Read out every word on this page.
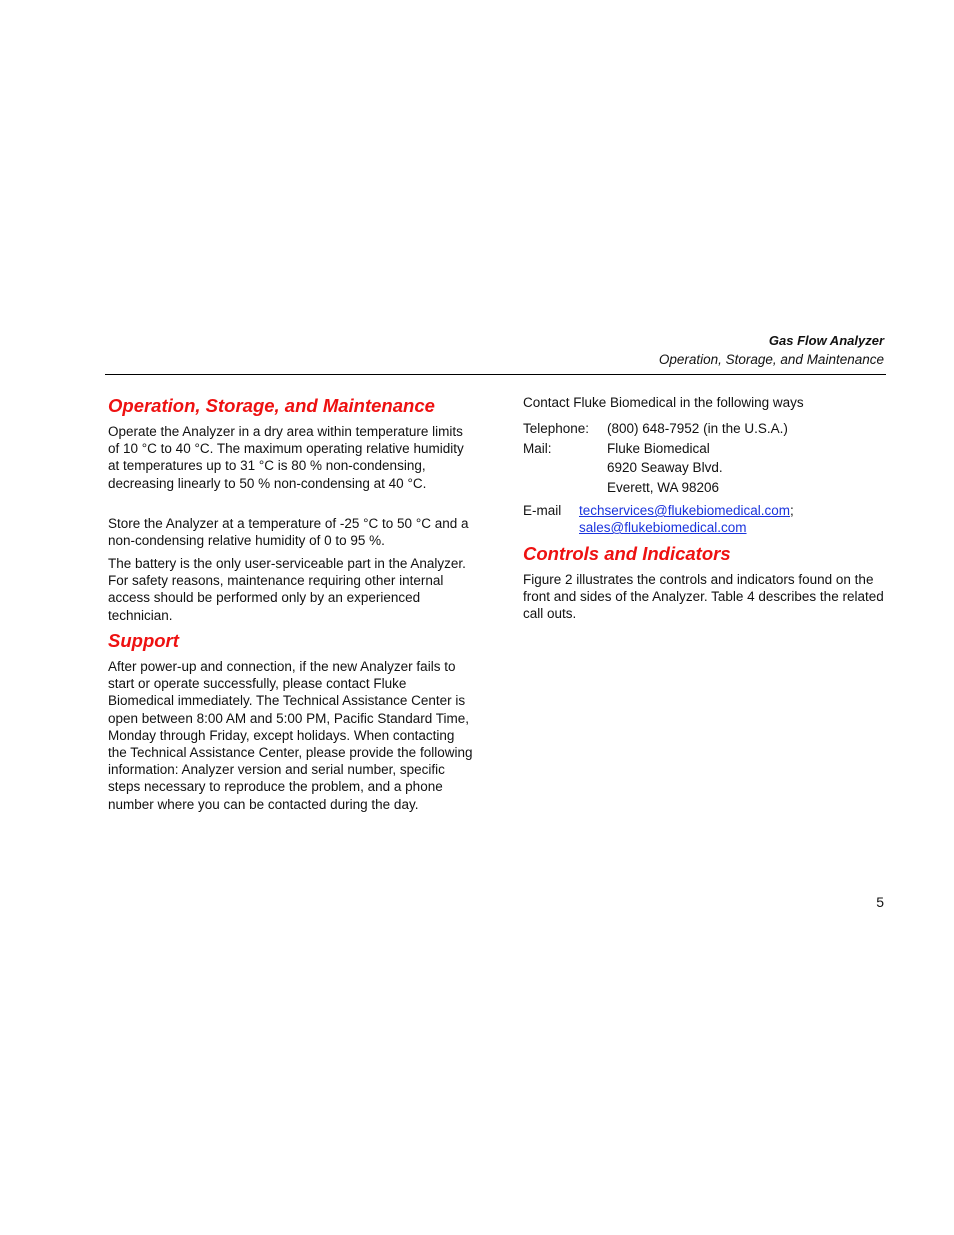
Gas Flow Analyzer
Operation, Storage, and Maintenance
Operation, Storage, and Maintenance

Operate the Analyzer in a dry area within temperature limits of 10 °C to 40 °C. The maximum operating relative humidity at temperatures up to 31 °C is 80 % non-condensing, decreasing linearly to 50 % non-condensing at 40 °C.

Store the Analyzer at a temperature of -25 °C to 50 °C and a non-condensing relative humidity of 0 to 95 %.

The battery is the only user-serviceable part in the Analyzer. For safety reasons, maintenance requiring other internal access should be performed only by an experienced technician.

Support

After power-up and connection, if the new Analyzer fails to start or operate successfully, please contact Fluke Biomedical immediately. The Technical Assistance Center is open between 8:00 AM and 5:00 PM, Pacific Standard Time, Monday through Friday, except holidays. When contacting the Technical Assistance Center, please provide the following information: Analyzer version and serial number, specific steps necessary to reproduce the problem, and a phone number where you can be contacted during the day.

Contact Fluke Biomedical in the following ways

Telephone: (800) 648-7952 (in the U.S.A.)
Mail:	Fluke Biomedical
6920 Seaway Blvd.
Everett, WA 98206
E-mail techservices@flukebiomedical.com;
sales@flukebiomedical.com
Controls and Indicators

Figure 2 illustrates the controls and indicators found on the front and sides of the Analyzer. Table 4 describes the related call outs.

5
